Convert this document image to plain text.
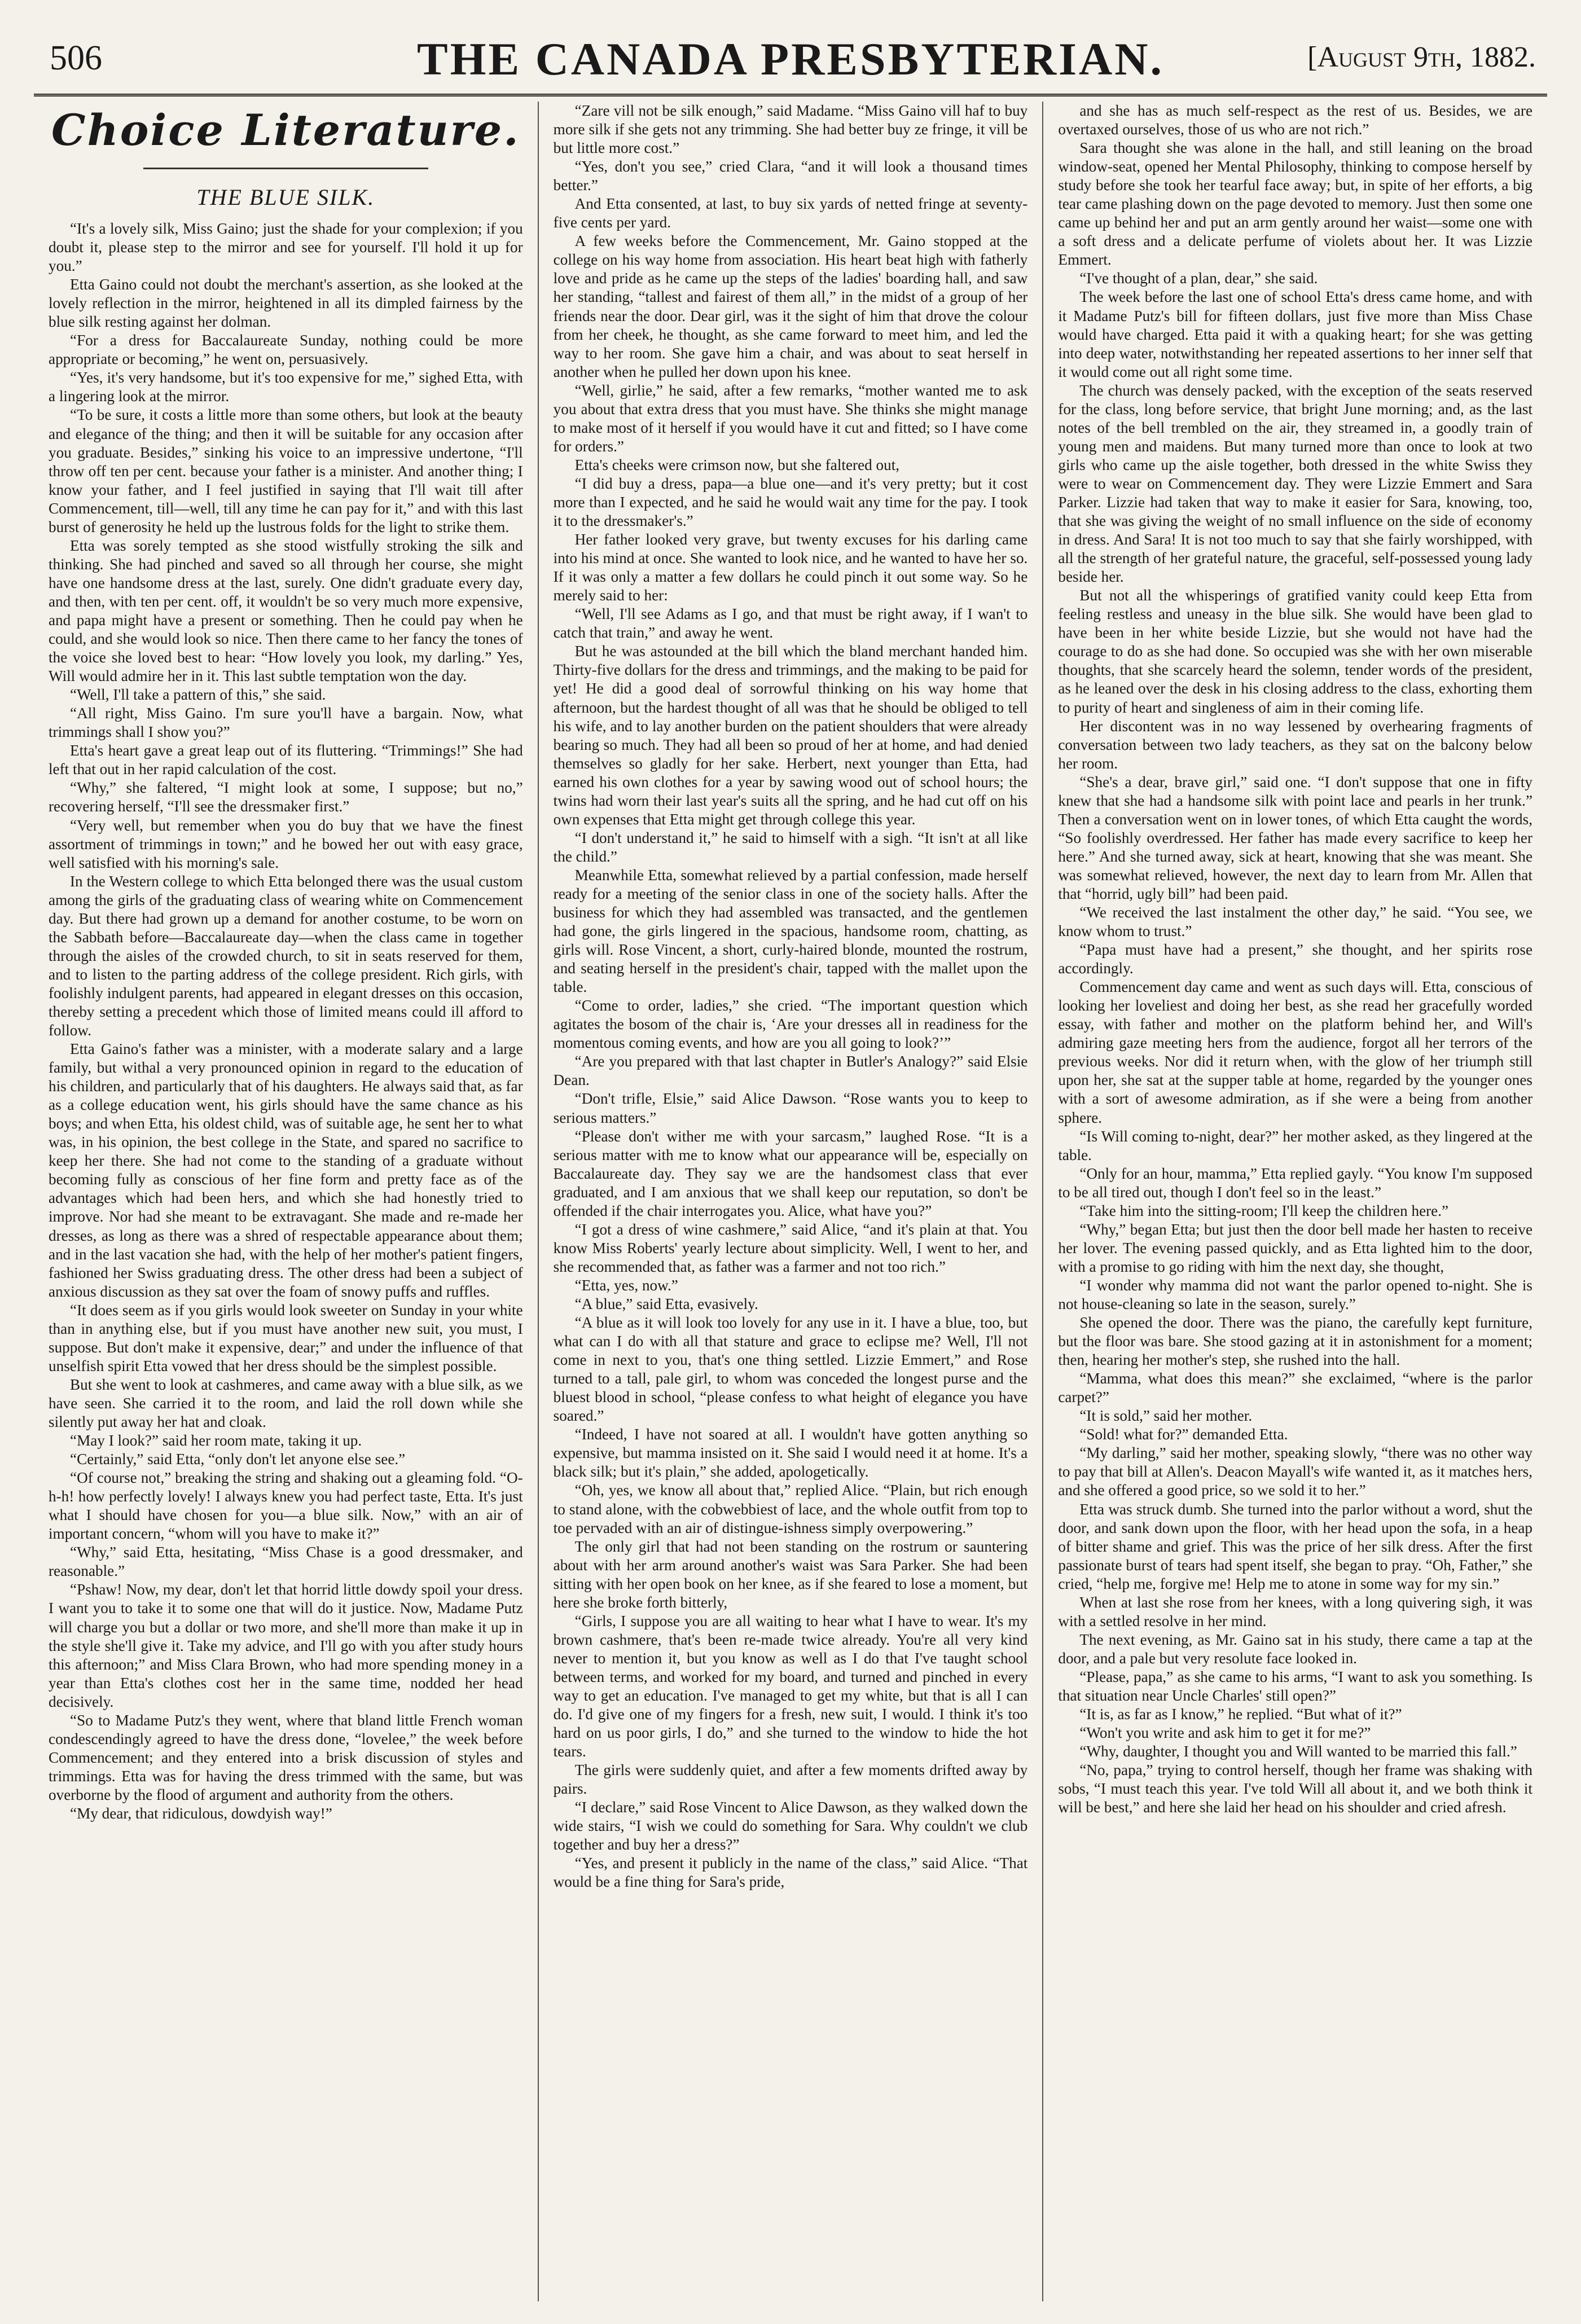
506	THE CANADA PRESBYTERIAN.	[August 9th, 1882.
Choice Literature.
THE BLUE SILK.

“It's a lovely silk, Miss Gaino; just the shade for your complexion; if you doubt it, please step to the mirror and see for yourself. I'll hold it up for you.”

Etta Gaino could not doubt the merchant's assertion, as she looked at the lovely reflection in the mirror, heightened in all its dimpled fairness by the blue silk resting against her dolman.

“For a dress for Baccalaureate Sunday, nothing could be more appropriate or becoming,” he went on, persuasively.

“Yes, it's very handsome, but it's too expensive for me,” sighed Etta, with a lingering look at the mirror.

“To be sure, it costs a little more than some others, but look at the beauty and elegance of the thing; and then it will be suitable for any occasion after you graduate. Besides,” sinking his voice to an impressive undertone, “I'll throw off ten per cent. because your father is a minister. And another thing; I know your father, and I feel justified in saying that I'll wait till after Commencement, till—well, till any time he can pay for it,” and with this last burst of generosity he held up the lustrous folds for the light to strike them.

Etta was sorely tempted as she stood wistfully stroking the silk and thinking. She had pinched and saved so all through her course, she might have one handsome dress at the last, surely. One didn't graduate every day, and then, with ten per cent. off, it wouldn't be so very much more expensive, and papa might have a present or something. Then he could pay when he could, and she would look so nice. Then there came to her fancy the tones of the voice she loved best to hear: “How lovely you look, my darling.” Yes, Will would admire her in it. This last subtle temptation won the day.

“Well, I'll take a pattern of this,” she said.

“All right, Miss Gaino. I'm sure you'll have a bargain. Now, what trimmings shall I show you?”

Etta's heart gave a great leap out of its fluttering. “Trimmings!” She had left that out in her rapid calculation of the cost.

“Why,” she faltered, “I might look at some, I suppose; but no,” recovering herself, “I'll see the dressmaker first.”

“Very well, but remember when you do buy that we have the finest assortment of trimmings in town;” and he bowed her out with easy grace, well satisfied with his morning's sale.

In the Western college to which Etta belonged there was the usual custom among the girls of the graduating class of wearing white on Commencement day. But there had grown up a demand for another costume, to be worn on the Sabbath before—Baccalaureate day—when the class came in together through the aisles of the crowded church, to sit in seats reserved for them, and to listen to the parting address of the college president. Rich girls, with foolishly indulgent parents, had appeared in elegant dresses on this occasion, thereby setting a precedent which those of limited means could ill afford to follow.

Etta Gaino's father was a minister, with a moderate salary and a large family, but withal a very pronounced opinion in regard to the education of his children, and particularly that of his daughters. He always said that, as far as a college education went, his girls should have the same chance as his boys; and when Etta, his oldest child, was of suitable age, he sent her to what was, in his opinion, the best college in the State, and spared no sacrifice to keep her there. She had not come to the standing of a graduate without becoming fully as conscious of her fine form and pretty face as of the advantages which had been hers, and which she had honestly tried to improve. Nor had she meant to be extravagant. She made and re-made her dresses, as long as there was a shred of respectable appearance about them; and in the last vacation she had, with the help of her mother's patient fingers, fashioned her Swiss graduating dress. The other dress had been a subject of anxious discussion as they sat over the foam of snowy puffs and ruffles.

“It does seem as if you girls would look sweeter on Sunday in your white than in anything else, but if you must have another new suit, you must, I suppose. But don't make it expensive, dear;” and under the influence of that unselfish spirit Etta vowed that her dress should be the simplest possible.

But she went to look at cashmeres, and came away with a blue silk, as we have seen. She carried it to the room, and laid the roll down while she silently put away her hat and cloak.

“May I look?” said her room mate, taking it up.

“Certainly,” said Etta, “only don't let anyone else see.”

“Of course not,” breaking the string and shaking out a gleaming fold. “O-h-h! how perfectly lovely! I always knew you had perfect taste, Etta. It's just what I should have chosen for you—a blue silk. Now,” with an air of important concern, “whom will you have to make it?”

“Why,” said Etta, hesitating, “Miss Chase is a good dressmaker, and reasonable.”

“Pshaw! Now, my dear, don't let that horrid little dowdy spoil your dress. I want you to take it to some one that will do it justice. Now, Madame Putz will charge you but a dollar or two more, and she'll more than make it up in the style she'll give it. Take my advice, and I'll go with you after study hours this afternoon;” and Miss Clara Brown, who had more spending money in a year than Etta's clothes cost her in the same time, nodded her head decisively.

“So to Madame Putz's they went, where that bland little French woman condescendingly agreed to have the dress done, “lovelee,” the week before Commencement; and they entered into a brisk discussion of styles and trimmings. Etta was for having the dress trimmed with the same, but was overborne by the flood of argument and authority from the others.

“My dear, that ridiculous, dowdyish way!”

“Zare vill not be silk enough,” said Madame. “Miss Gaino vill haf to buy more silk if she gets not any trimming. She had better buy ze fringe, it vill be but little more cost.”

“Yes, don't you see,” cried Clara, “and it will look a thousand times better.”

And Etta consented, at last, to buy six yards of netted fringe at seventy-five cents per yard.

A few weeks before the Commencement, Mr. Gaino stopped at the college on his way home from association. His heart beat high with fatherly love and pride as he came up the steps of the ladies' boarding hall, and saw her standing, “tallest and fairest of them all,” in the midst of a group of her friends near the door. Dear girl, was it the sight of him that drove the colour from her cheek, he thought, as she came forward to meet him, and led the way to her room. She gave him a chair, and was about to seat herself in another when he pulled her down upon his knee.

“Well, girlie,” he said, after a few remarks, “mother wanted me to ask you about that extra dress that you must have. She thinks she might manage to make most of it herself if you would have it cut and fitted; so I have come for orders.”

Etta's cheeks were crimson now, but she faltered out,

“I did buy a dress, papa—a blue one—and it's very pretty; but it cost more than I expected, and he said he would wait any time for the pay. I took it to the dressmaker's.”

Her father looked very grave, but twenty excuses for his darling came into his mind at once. She wanted to look nice, and he wanted to have her so. If it was only a matter a few dollars he could pinch it out some way. So he merely said to her:

“Well, I'll see Adams as I go, and that must be right away, if I wan't to catch that train,” and away he went.

But he was astounded at the bill which the bland merchant handed him. Thirty-five dollars for the dress and trimmings, and the making to be paid for yet! He did a good deal of sorrowful thinking on his way home that afternoon, but the hardest thought of all was that he should be obliged to tell his wife, and to lay another burden on the patient shoulders that were already bearing so much. They had all been so proud of her at home, and had denied themselves so gladly for her sake. Herbert, next younger than Etta, had earned his own clothes for a year by sawing wood out of school hours; the twins had worn their last year's suits all the spring, and he had cut off on his own expenses that Etta might get through college this year.

“I don't understand it,” he said to himself with a sigh. “It isn't at all like the child.”

Meanwhile Etta, somewhat relieved by a partial confession, made herself ready for a meeting of the senior class in one of the society halls. After the business for which they had assembled was transacted, and the gentlemen had gone, the girls lingered in the spacious, handsome room, chatting, as girls will. Rose Vincent, a short, curly-haired blonde, mounted the rostrum, and seating herself in the president's chair, tapped with the mallet upon the table.

“Come to order, ladies,” she cried. “The important question which agitates the bosom of the chair is, ‘Are your dresses all in readiness for the momentous coming events, and how are you all going to look?’”

“Are you prepared with that last chapter in Butler's Analogy?” said Elsie Dean.

“Don't trifle, Elsie,” said Alice Dawson. “Rose wants you to keep to serious matters.”

“Please don't wither me with your sarcasm,” laughed Rose. “It is a serious matter with me to know what our appearance will be, especially on Baccalaureate day. They say we are the handsomest class that ever graduated, and I am anxious that we shall keep our reputation, so don't be offended if the chair interrogates you. Alice, what have you?”

“I got a dress of wine cashmere,” said Alice, “and it's plain at that. You know Miss Roberts' yearly lecture about simplicity. Well, I went to her, and she recommended that, as father was a farmer and not too rich.”

“Etta, yes, now.”

“A blue,” said Etta, evasively.

“A blue as it will look too lovely for any use in it. I have a blue, too, but what can I do with all that stature and grace to eclipse me? Well, I'll not come in next to you, that's one thing settled. Lizzie Emmert,” and Rose turned to a tall, pale girl, to whom was conceded the longest purse and the bluest blood in school, “please confess to what height of elegance you have soared.”

“Indeed, I have not soared at all. I wouldn't have gotten anything so expensive, but mamma insisted on it. She said I would need it at home. It's a black silk; but it's plain,” she added, apologetically.

“Oh, yes, we know all about that,” replied Alice. “Plain, but rich enough to stand alone, with the cobwebbiest of lace, and the whole outfit from top to toe pervaded with an air of distingue-ishness simply overpowering.”

The only girl that had not been standing on the rostrum or sauntering about with her arm around another's waist was Sara Parker. She had been sitting with her open book on her knee, as if she feared to lose a moment, but here she broke forth bitterly,

“Girls, I suppose you are all waiting to hear what I have to wear. It's my brown cashmere, that's been re-made twice already. You're all very kind never to mention it, but you know as well as I do that I've taught school between terms, and worked for my board, and turned and pinched in every way to get an education. I've managed to get my white, but that is all I can do. I'd give one of my fingers for a fresh, new suit, I would. I think it's too hard on us poor girls, I do,” and she turned to the window to hide the hot tears.

The girls were suddenly quiet, and after a few moments drifted away by pairs.

“I declare,” said Rose Vincent to Alice Dawson, as they walked down the wide stairs, “I wish we could do something for Sara. Why couldn't we club together and buy her a dress?”

“Yes, and present it publicly in the name of the class,” said Alice. “That would be a fine thing for Sara's pride,

and she has as much self-respect as the rest of us. Besides, we are overtaxed ourselves, those of us who are not rich.”

Sara thought she was alone in the hall, and still leaning on the broad window-seat, opened her Mental Philosophy, thinking to compose herself by study before she took her tearful face away; but, in spite of her efforts, a big tear came plashing down on the page devoted to memory. Just then some one came up behind her and put an arm gently around her waist—some one with a soft dress and a delicate perfume of violets about her. It was Lizzie Emmert.

“I've thought of a plan, dear,” she said.

The week before the last one of school Etta's dress came home, and with it Madame Putz's bill for fifteen dollars, just five more than Miss Chase would have charged. Etta paid it with a quaking heart; for she was getting into deep water, notwithstanding her repeated assertions to her inner self that it would come out all right some time.

The church was densely packed, with the exception of the seats reserved for the class, long before service, that bright June morning; and, as the last notes of the bell trembled on the air, they streamed in, a goodly train of young men and maidens. But many turned more than once to look at two girls who came up the aisle together, both dressed in the white Swiss they were to wear on Commencement day. They were Lizzie Emmert and Sara Parker. Lizzie had taken that way to make it easier for Sara, knowing, too, that she was giving the weight of no small influence on the side of economy in dress. And Sara! It is not too much to say that she fairly worshipped, with all the strength of her grateful nature, the graceful, self-possessed young lady beside her.

But not all the whisperings of gratified vanity could keep Etta from feeling restless and uneasy in the blue silk. She would have been glad to have been in her white beside Lizzie, but she would not have had the courage to do as she had done. So occupied was she with her own miserable thoughts, that she scarcely heard the solemn, tender words of the president, as he leaned over the desk in his closing address to the class, exhorting them to purity of heart and singleness of aim in their coming life.

Her discontent was in no way lessened by overhearing fragments of conversation between two lady teachers, as they sat on the balcony below her room.

“She's a dear, brave girl,” said one. “I don't suppose that one in fifty knew that she had a handsome silk with point lace and pearls in her trunk.” Then a conversation went on in lower tones, of which Etta caught the words, “So foolishly overdressed. Her father has made every sacrifice to keep her here.” And she turned away, sick at heart, knowing that she was meant. She was somewhat relieved, however, the next day to learn from Mr. Allen that that “horrid, ugly bill” had been paid.

“We received the last instalment the other day,” he said. “You see, we know whom to trust.”

“Papa must have had a present,” she thought, and her spirits rose accordingly.

Commencement day came and went as such days will. Etta, conscious of looking her loveliest and doing her best, as she read her gracefully worded essay, with father and mother on the platform behind her, and Will's admiring gaze meeting hers from the audience, forgot all her terrors of the previous weeks. Nor did it return when, with the glow of her triumph still upon her, she sat at the supper table at home, regarded by the younger ones with a sort of awesome admiration, as if she were a being from another sphere.

“Is Will coming to-night, dear?” her mother asked, as they lingered at the table.

“Only for an hour, mamma,” Etta replied gayly. “You know I'm supposed to be all tired out, though I don't feel so in the least.”

“Take him into the sitting-room; I'll keep the children here.”

“Why,” began Etta; but just then the door bell made her hasten to receive her lover. The evening passed quickly, and as Etta lighted him to the door, with a promise to go riding with him the next day, she thought,

“I wonder why mamma did not want the parlor opened to-night. She is not house-cleaning so late in the season, surely.”

She opened the door. There was the piano, the carefully kept furniture, but the floor was bare. She stood gazing at it in astonishment for a moment; then, hearing her mother's step, she rushed into the hall.

“Mamma, what does this mean?” she exclaimed, “where is the parlor carpet?”

“It is sold,” said her mother.

“Sold! what for?” demanded Etta.

“My darling,” said her mother, speaking slowly, “there was no other way to pay that bill at Allen's. Deacon Mayall's wife wanted it, as it matches hers, and she offered a good price, so we sold it to her.”

Etta was struck dumb. She turned into the parlor without a word, shut the door, and sank down upon the floor, with her head upon the sofa, in a heap of bitter shame and grief. This was the price of her silk dress. After the first passionate burst of tears had spent itself, she began to pray. “Oh, Father,” she cried, “help me, forgive me! Help me to atone in some way for my sin.”

When at last she rose from her knees, with a long quivering sigh, it was with a settled resolve in her mind.

The next evening, as Mr. Gaino sat in his study, there came a tap at the door, and a pale but very resolute face looked in.

“Please, papa,” as she came to his arms, “I want to ask you something. Is that situation near Uncle Charles' still open?”

“It is, as far as I know,” he replied. “But what of it?”

“Won't you write and ask him to get it for me?”

“Why, daughter, I thought you and Will wanted to be married this fall.”

“No, papa,” trying to control herself, though her frame was shaking with sobs, “I must teach this year. I've told Will all about it, and we both think it will be best,” and here she laid her head on his shoulder and cried afresh.
